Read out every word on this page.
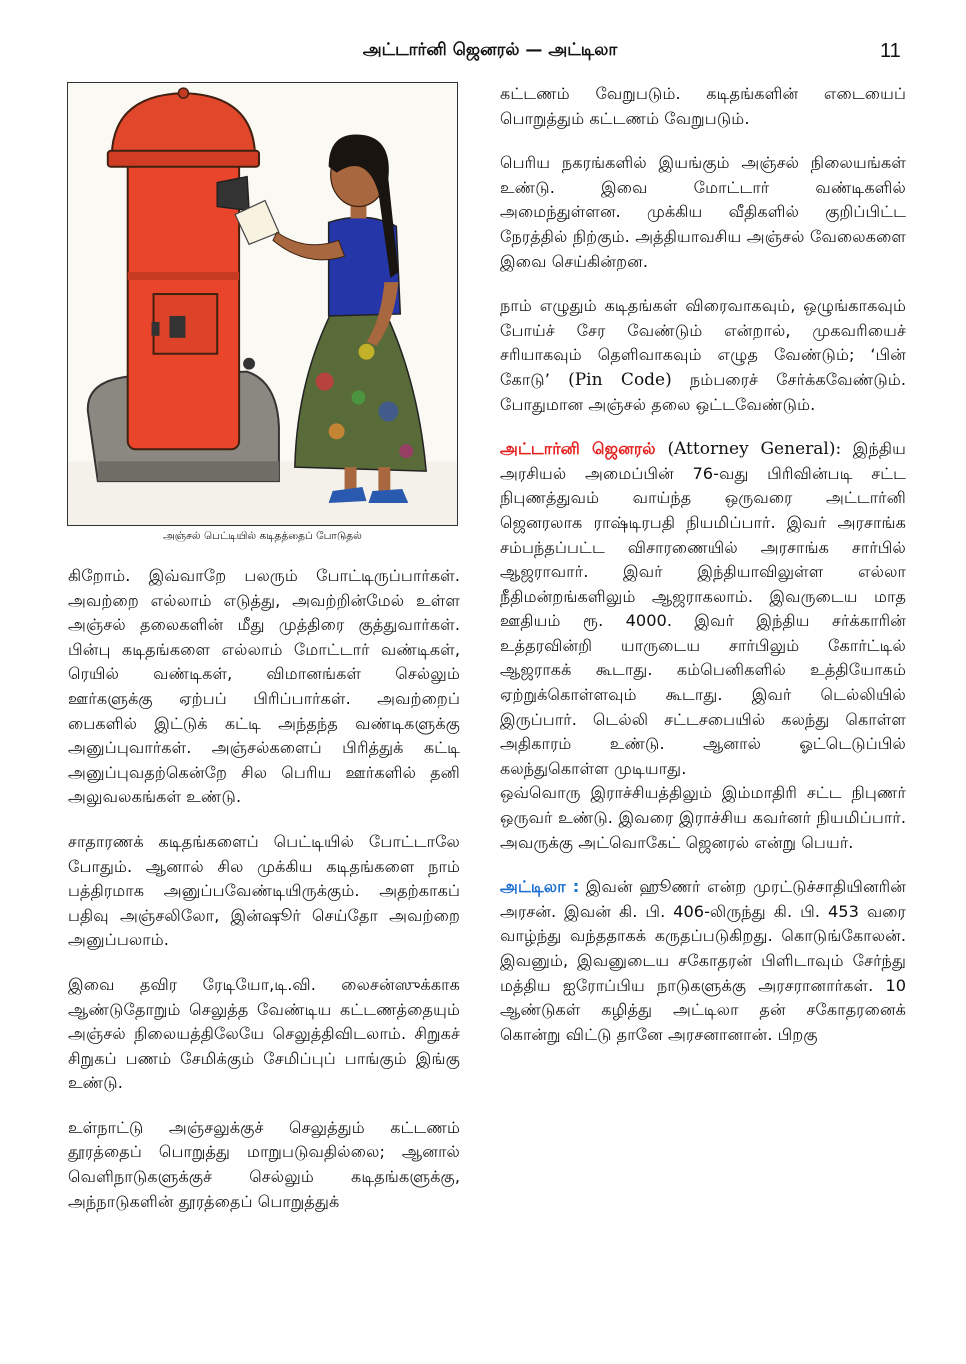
அட்டார்னி ஜெனரல் — அட்டிலா	11
அஞ்சல் பெட்டியில் கடிதத்தைப் போடுதல்

கிறோம். இவ்வாறே பலரும் போட்டிருப்பார்கள். அவற்றை எல்லாம் எடுத்து, அவற்றின்மேல் உள்ள அஞ்சல் தலைகளின் மீது முத்திரை குத்துவார்கள். பின்பு கடிதங்களை எல்லாம் மோட்டார் வண்டிகள், ரெயில் வண்டிகள், விமானங்கள் செல்லும் ஊர்களுக்கு ஏற்பப் பிரிப்பார்கள். அவற்றைப் பைகளில் இட்டுக் கட்டி அந்தந்த வண்டிகளுக்கு அனுப்புவார்கள். அஞ்சல்களைப் பிரித்துக் கட்டி அனுப்புவதற்கென்றே சில பெரிய ஊர்களில் தனி அலுவலகங்கள் உண்டு.

சாதாரணக் கடிதங்களைப் பெட்டியில் போட்டாலே போதும். ஆனால் சில முக்கிய கடிதங்களை நாம் பத்திரமாக அனுப்பவேண்டியிருக்கும். அதற்காகப் பதிவு அஞ்சலிலோ, இன்ஷூர் செய்தோ அவற்றை அனுப்பலாம்.

இவை தவிர ரேடியோ,டி.வி. லைசன்ஸுக்காக ஆண்டுதோறும் செலுத்த வேண்டிய கட்டணத்தையும் அஞ்சல் நிலையத்திலேயே செலுத்திவிடலாம். சிறுகச் சிறுகப் பணம் சேமிக்கும் சேமிப்புப் பாங்கும் இங்கு உண்டு.

உள்நாட்டு அஞ்சலுக்குச் செலுத்தும் கட்டணம் தூரத்தைப் பொறுத்து மாறுபடுவதில்லை; ஆனால் வெளிநாடுகளுக்குச் செல்லும் கடிதங்களுக்கு, அந்நாடுகளின் தூரத்தைப் பொறுத்துக்

கட்டணம் வேறுபடும். கடிதங்களின் எடையைப் பொறுத்தும் கட்டணம் வேறுபடும்.

பெரிய நகரங்களில் இயங்கும் அஞ்சல் நிலையங்கள் உண்டு. இவை மோட்டார் வண்டிகளில் அமைந்துள்ளன. முக்கிய வீதிகளில் குறிப்பிட்ட நேரத்தில் நிற்கும். அத்தியாவசிய அஞ்சல் வேலைகளை இவை செய்கின்றன.

நாம் எழுதும் கடிதங்கள் விரைவாகவும், ஒழுங்காகவும் போய்ச் சேர வேண்டும் என்றால், முகவரியைச் சரியாகவும் தெளிவாகவும் எழுத வேண்டும்; ‘பின் கோடு’ (Pin Code) நம்பரைச் சேர்க்கவேண்டும். போதுமான அஞ்சல் தலை ஒட்டவேண்டும்.

அட்டார்னி ஜெனரல் (Attorney General): இந்திய அரசியல் அமைப்பின் 76-வது பிரிவின்படி சட்ட நிபுணத்துவம் வாய்ந்த ஒருவரை அட்டார்னி ஜெனரலாக ராஷ்டிரபதி நியமிப்பார். இவர் அரசாங்க சம்பந்தப்பட்ட விசாரணையில் அரசாங்க சார்பில் ஆஜராவார். இவர் இந்தியாவிலுள்ள எல்லா நீதிமன்றங்களிலும் ஆஜராகலாம். இவருடைய மாத ஊதியம் ரூ. 4000. இவர் இந்திய சர்க்காரின் உத்தரவின்றி யாருடைய சார்பிலும் கோர்ட்டில் ஆஜராகக் கூடாது. கம்பெனிகளில் உத்தியோகம் ஏற்றுக்கொள்ளவும் கூடாது. இவர் டெல்லியில் இருப்பார். டெல்லி சட்டசபையில் கலந்து கொள்ள அதிகாரம் உண்டு. ஆனால் ஓட்டெடுப்பில் கலந்துகொள்ள முடியாது.

ஒவ்வொரு இராச்சியத்திலும் இம்மாதிரி சட்ட நிபுணர் ஒருவர் உண்டு. இவரை இராச்சிய கவர்னர் நியமிப்பார். அவருக்கு அட்வொகேட் ஜெனரல் என்று பெயர்.

அட்டிலா : இவன் ஹூணர் என்ற முரட்டுச்சாதியினரின் அரசன். இவன் கி. பி. 406-லிருந்து கி. பி. 453 வரை வாழ்ந்து வந்ததாகக் கருதப்படுகிறது. கொடுங்கோலன். இவனும், இவனுடைய சகோதரன் பிளிடாவும் சேர்ந்து மத்திய ஐரோப்பிய நாடுகளுக்கு அரசரானார்கள். 10 ஆண்டுகள் கழித்து அட்டிலா தன் சகோதரனைக் கொன்று விட்டு தானே அரசனானான். பிறகு
